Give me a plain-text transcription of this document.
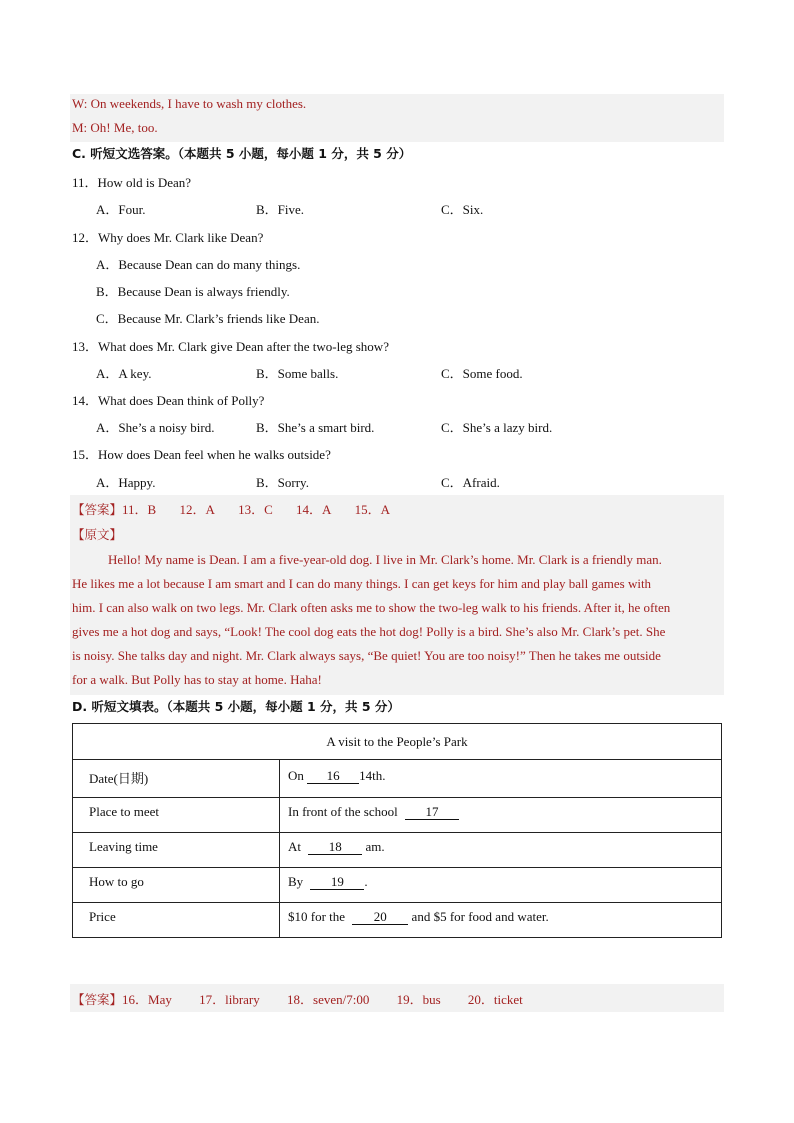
W: On weekends, I have to wash my clothes.
M: Oh! Me, too.
C. 听短文选答案。（本题共 5 小题，每小题 1 分，共 5 分）
11．How old is Dean?
A．Four.	B．Five.	C．Six.
12．Why does Mr. Clark like Dean?
A．Because Dean can do many things.
B．Because Dean is always friendly.
C．Because Mr. Clark’s friends like Dean.
13．What does Mr. Clark give Dean after the two-leg show?
A．A key.	B．Some balls.	C．Some food.
14．What does Dean think of Polly?
A．She’s a noisy bird.	B．She’s a smart bird.	C．She’s a lazy bird.
15．How does Dean feel when he walks outside?
A．Happy.	B．Sorry.	C．Afraid.
【答案】11．B 12．A 13．C 14．A 15．A
【原文】
Hello! My name is Dean. I am a five-year-old dog. I live in Mr. Clark’s home. Mr. Clark is a friendly man.
He likes me a lot because I am smart and I can do many things. I can get keys for him and play ball games with
him. I can also walk on two legs. Mr. Clark often asks me to show the two-leg walk to his friends. After it, he often
gives me a hot dog and says, “Look! The cool dog eats the hot dog! Polly is a bird. She’s also Mr. Clark’s pet. She
is noisy. She talks day and night. Mr. Clark always says, “Be quiet! You are too noisy!” Then he takes me outside
for a walk. But Polly has to stay at home. Haha!
D. 听短文填表。（本题共 5 小题，每小题 1 分，共 5 分）
A visit to the People’s Park	
Date(日期)	On 16 14th.
Place to meet	In front of the school 17
Leaving time	At 18 am.
How to go	By 19 .
Price	$10 for the 20 and $5 for food and water.
【答案】16．May 17．library 18．seven/7:00 19．bus 20．ticket
